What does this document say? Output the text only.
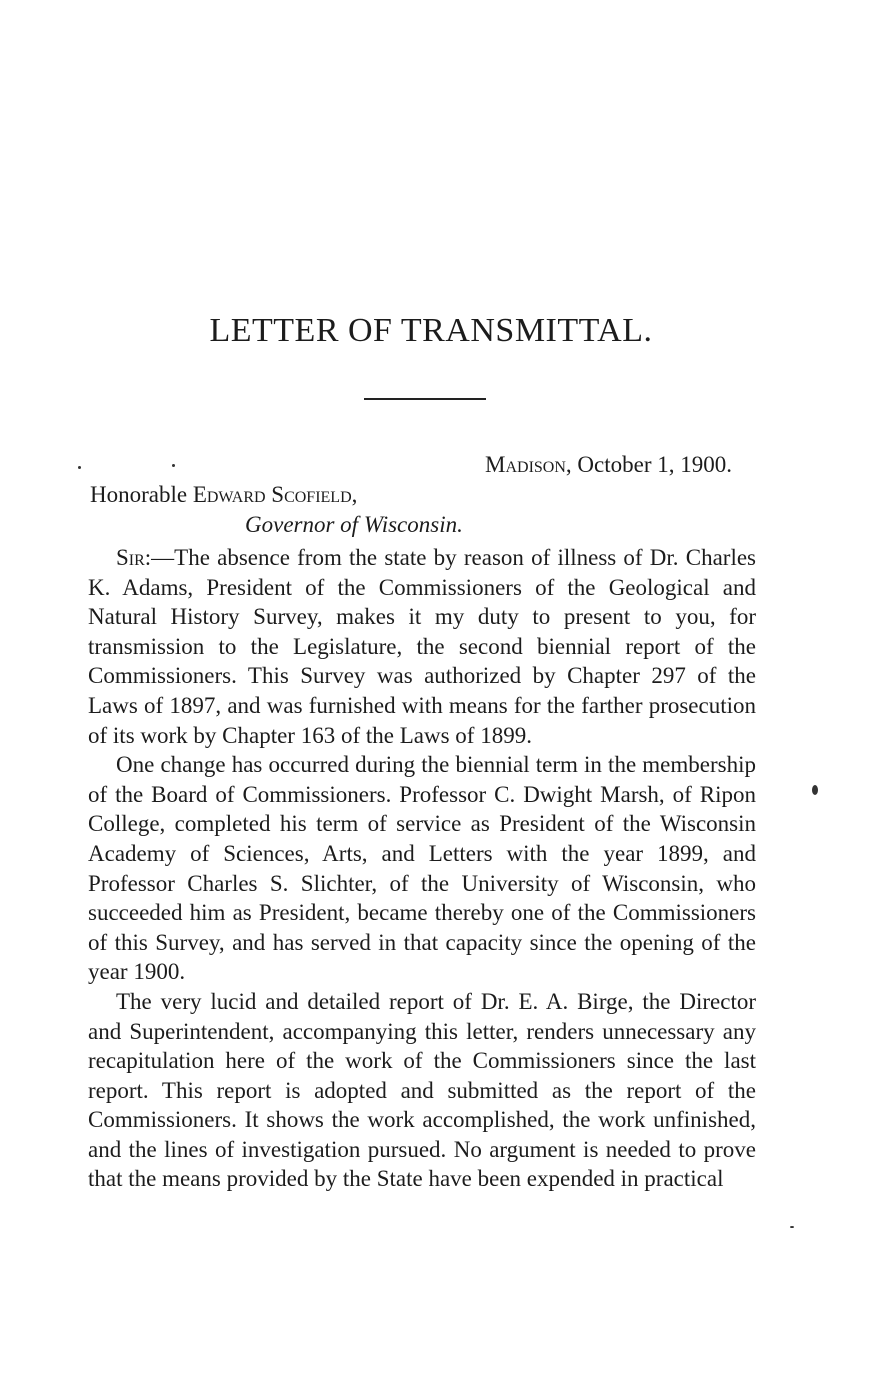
LETTER OF TRANSMITTAL.
Madison, October 1, 1900.
Honorable Edward Scofield,
Governor of Wisconsin.

Sir:—The absence from the state by reason of illness of Dr. Charles K. Adams, President of the Commissioners of the Geological and Natural History Survey, makes it my duty to present to you, for transmission to the Legislature, the second biennial report of the Commissioners. This Survey was authorized by Chapter 297 of the Laws of 1897, and was furnished with means for the farther prosecution of its work by Chapter 163 of the Laws of 1899.

One change has occurred during the biennial term in the membership of the Board of Commissioners. Professor C. Dwight Marsh, of Ripon College, completed his term of service as President of the Wisconsin Academy of Sciences, Arts, and Letters with the year 1899, and Professor Charles S. Slichter, of the University of Wisconsin, who succeeded him as President, became thereby one of the Commissioners of this Survey, and has served in that capacity since the opening of the year 1900.

The very lucid and detailed report of Dr. E. A. Birge, the Director and Superintendent, accompanying this letter, renders unnecessary any recapitulation here of the work of the Commissioners since the last report. This report is adopted and submitted as the report of the Commissioners. It shows the work accomplished, the work unfinished, and the lines of investigation pursued. No argument is needed to prove that the means provided by the State have been expended in practical
